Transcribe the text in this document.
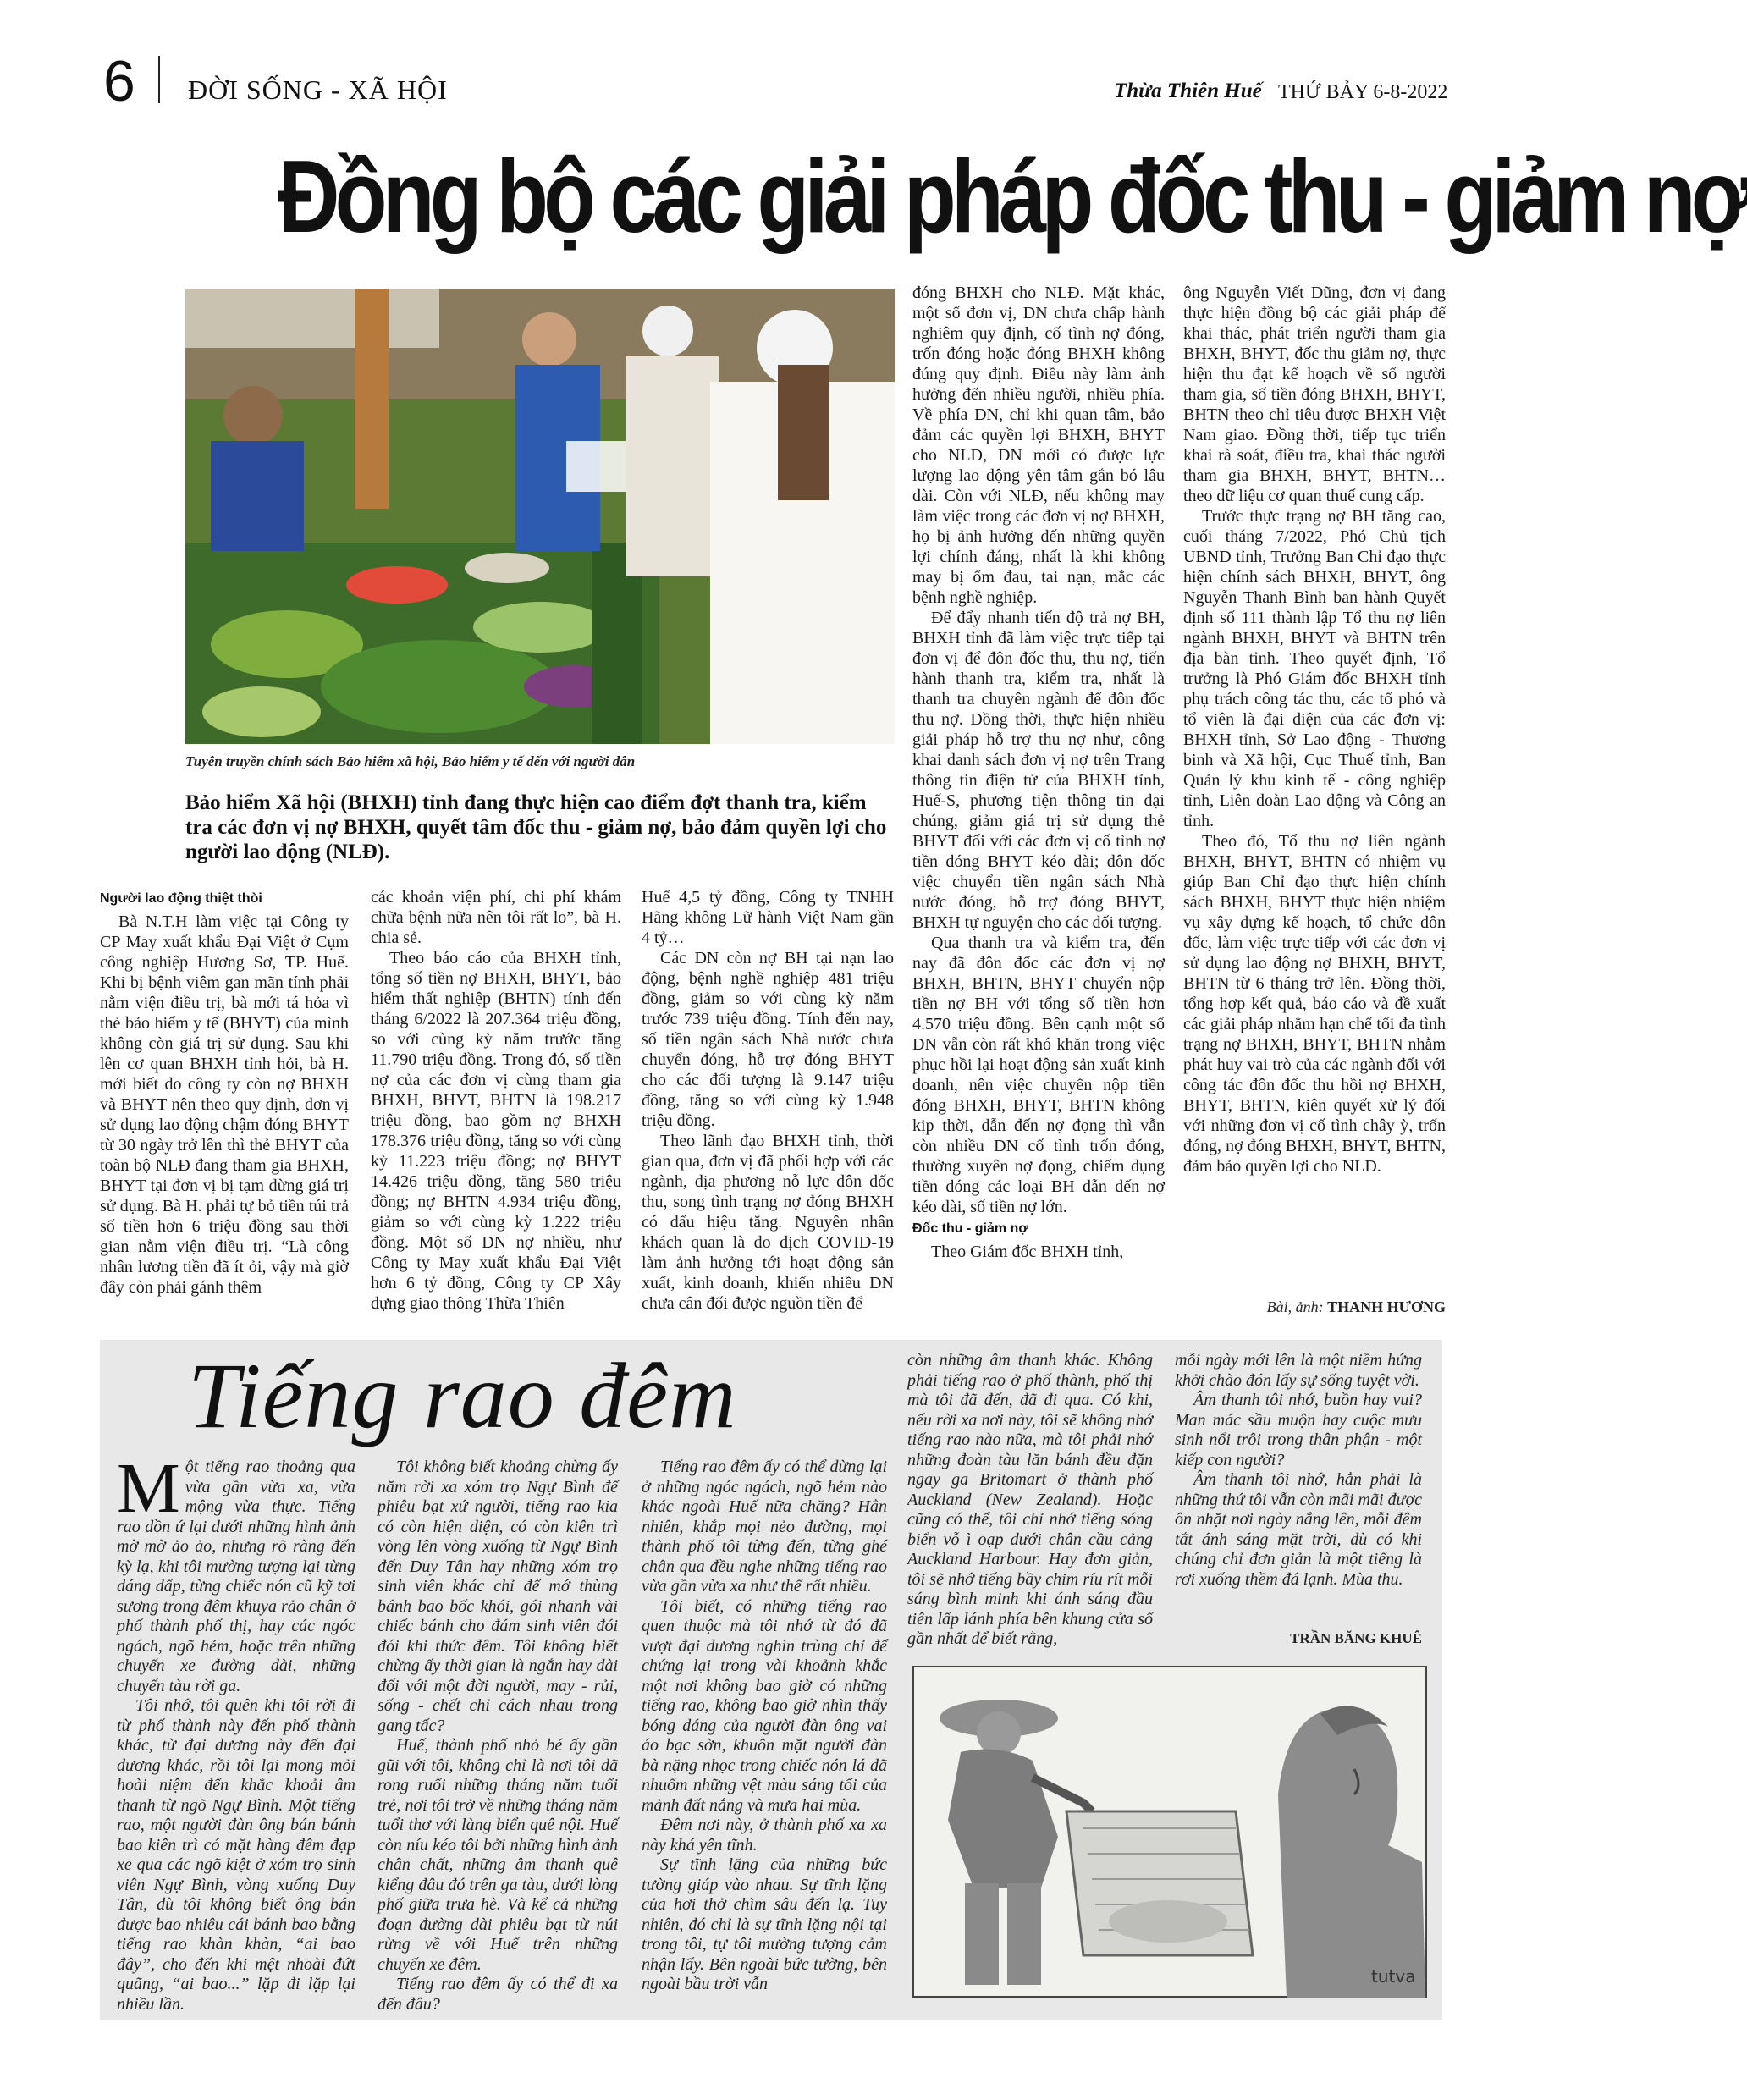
6 ĐỜI SỐNG - XÃ HỘI	Thừa Thiên Huế THỨ BẢY 6-8-2022
Đồng bộ các giải pháp đốc thu - giảm nợ
Tuyên truyền chính sách Bảo hiểm xã hội, Bảo hiểm y tế đến với người dân
Bảo hiểm Xã hội (BHXH) tỉnh đang thực hiện cao điểm đợt thanh tra, kiểm tra các đơn vị nợ BHXH, quyết tâm đốc thu - giảm nợ, bảo đảm quyền lợi cho người lao động (NLĐ).
Người lao động thiệt thòi

Bà N.T.H làm việc tại Công ty CP May xuất khẩu Đại Việt ở Cụm công nghiệp Hương Sơ, TP. Huế. Khi bị bệnh viêm gan mãn tính phải nằm viện điều trị, bà mới tá hỏa vì thẻ bảo hiểm y tế (BHYT) của mình không còn giá trị sử dụng. Sau khi lên cơ quan BHXH tỉnh hỏi, bà H. mới biết do công ty còn nợ BHXH và BHYT nên theo quy định, đơn vị sử dụng lao động chậm đóng BHYT từ 30 ngày trở lên thì thẻ BHYT của toàn bộ NLĐ đang tham gia BHXH, BHYT tại đơn vị bị tạm dừng giá trị sử dụng. Bà H. phải tự bỏ tiền túi trả số tiền hơn 6 triệu đồng sau thời gian nằm viện điều trị. “Là công nhân lương tiền đã ít ỏi, vậy mà giờ đây còn phải gánh thêm

các khoản viện phí, chi phí khám chữa bệnh nữa nên tôi rất lo”, bà H. chia sẻ.

Theo báo cáo của BHXH tỉnh, tổng số tiền nợ BHXH, BHYT, bảo hiểm thất nghiệp (BHTN) tính đến tháng 6/2022 là 207.364 triệu đồng, so với cùng kỳ năm trước tăng 11.790 triệu đồng. Trong đó, số tiền nợ của các đơn vị cùng tham gia BHXH, BHYT, BHTN là 198.217 triệu đồng, bao gồm nợ BHXH 178.376 triệu đồng, tăng so với cùng kỳ 11.223 triệu đồng; nợ BHYT 14.426 triệu đồng, tăng 580 triệu đồng; nợ BHTN 4.934 triệu đồng, giảm so với cùng kỳ 1.222 triệu đồng. Một số DN nợ nhiều, như Công ty May xuất khẩu Đại Việt hơn 6 tỷ đồng, Công ty CP Xây dựng giao thông Thừa Thiên

Huế 4,5 tỷ đồng, Công ty TNHH Hãng không Lữ hành Việt Nam gần 4 tỷ…

Các DN còn nợ BH tại nạn lao động, bệnh nghề nghiệp 481 triệu đồng, giảm so với cùng kỳ năm trước 739 triệu đồng. Tính đến nay, số tiền ngân sách Nhà nước chưa chuyển đóng, hỗ trợ đóng BHYT cho các đối tượng là 9.147 triệu đồng, tăng so với cùng kỳ 1.948 triệu đồng.

Theo lãnh đạo BHXH tỉnh, thời gian qua, đơn vị đã phối hợp với các ngành, địa phương nỗ lực đôn đốc thu, song tình trạng nợ đóng BHXH có dấu hiệu tăng. Nguyên nhân khách quan là do dịch COVID-19 làm ảnh hưởng tới hoạt động sản xuất, kinh doanh, khiến nhiều DN chưa cân đối được nguồn tiền để

đóng BHXH cho NLĐ. Mặt khác, một số đơn vị, DN chưa chấp hành nghiêm quy định, cố tình nợ đóng, trốn đóng hoặc đóng BHXH không đúng quy định. Điều này làm ảnh hưởng đến nhiều người, nhiều phía. Về phía DN, chỉ khi quan tâm, bảo đảm các quyền lợi BHXH, BHYT cho NLĐ, DN mới có được lực lượng lao động yên tâm gắn bó lâu dài. Còn với NLĐ, nếu không may làm việc trong các đơn vị nợ BHXH, họ bị ảnh hưởng đến những quyền lợi chính đáng, nhất là khi không may bị ốm đau, tai nạn, mắc các bệnh nghề nghiệp.

Để đẩy nhanh tiến độ trả nợ BH, BHXH tỉnh đã làm việc trực tiếp tại đơn vị để đôn đốc thu, thu nợ, tiến hành thanh tra, kiểm tra, nhất là thanh tra chuyên ngành để đôn đốc thu nợ. Đồng thời, thực hiện nhiều giải pháp hỗ trợ thu nợ như, công khai danh sách đơn vị nợ trên Trang thông tin điện tử của BHXH tỉnh, Huế-S, phương tiện thông tin đại chúng, giảm giá trị sử dụng thẻ BHYT đối với các đơn vị cố tình nợ tiền đóng BHYT kéo dài; đôn đốc việc chuyển tiền ngân sách Nhà nước đóng, hỗ trợ đóng BHYT, BHXH tự nguyện cho các đối tượng.

Qua thanh tra và kiểm tra, đến nay đã đôn đốc các đơn vị nợ BHXH, BHTN, BHYT chuyển nộp tiền nợ BH với tổng số tiền hơn 4.570 triệu đồng. Bên cạnh một số DN vẫn còn rất khó khăn trong việc phục hồi lại hoạt động sản xuất kinh doanh, nên việc chuyển nộp tiền đóng BHXH, BHYT, BHTN không kịp thời, dẫn đến nợ đọng thì vẫn còn nhiều DN cố tình trốn đóng, thường xuyên nợ đọng, chiếm dụng tiền đóng các loại BH dẫn đến nợ kéo dài, số tiền nợ lớn.

Đốc thu - giảm nợ

Theo Giám đốc BHXH tỉnh,

ông Nguyễn Viết Dũng, đơn vị đang thực hiện đồng bộ các giải pháp để khai thác, phát triển người tham gia BHXH, BHYT, đốc thu giảm nợ, thực hiện thu đạt kế hoạch về số người tham gia, số tiền đóng BHXH, BHYT, BHTN theo chỉ tiêu được BHXH Việt Nam giao. Đồng thời, tiếp tục triển khai rà soát, điều tra, khai thác người tham gia BHXH, BHYT, BHTN… theo dữ liệu cơ quan thuế cung cấp.

Trước thực trạng nợ BH tăng cao, cuối tháng 7/2022, Phó Chủ tịch UBND tỉnh, Trưởng Ban Chỉ đạo thực hiện chính sách BHXH, BHYT, ông Nguyễn Thanh Bình ban hành Quyết định số 111 thành lập Tổ thu nợ liên ngành BHXH, BHYT và BHTN trên địa bàn tỉnh. Theo quyết định, Tổ trưởng là Phó Giám đốc BHXH tỉnh phụ trách công tác thu, các tổ phó và tổ viên là đại diện của các đơn vị: BHXH tỉnh, Sở Lao động - Thương binh và Xã hội, Cục Thuế tỉnh, Ban Quản lý khu kinh tế - công nghiệp tỉnh, Liên đoàn Lao động và Công an tỉnh.

Theo đó, Tổ thu nợ liên ngành BHXH, BHYT, BHTN có nhiệm vụ giúp Ban Chỉ đạo thực hiện chính sách BHXH, BHYT thực hiện nhiệm vụ xây dựng kế hoạch, tổ chức đôn đốc, làm việc trực tiếp với các đơn vị sử dụng lao động nợ BHXH, BHYT, BHTN từ 6 tháng trở lên. Đồng thời, tổng hợp kết quả, báo cáo và đề xuất các giải pháp nhằm hạn chế tối đa tình trạng nợ BHXH, BHYT, BHTN nhằm phát huy vai trò của các ngành đối với công tác đôn đốc thu hồi nợ BHXH, BHYT, BHTN, kiên quyết xử lý đối với những đơn vị cố tình chây ỳ, trốn đóng, nợ đóng BHXH, BHYT, BHTN, đảm bảo quyền lợi cho NLĐ.

Bài, ảnh: THANH HƯƠNG
Tiếng rao đêm
M ột tiếng rao thoảng qua vừa gần vừa xa, vừa mộng vừa thực. Tiếng rao dồn ứ lại dưới những hình ảnh mờ mờ ảo ảo, nhưng rõ ràng đến kỳ lạ, khi tôi mường tượng lại từng dáng dấp, từng chiếc nón cũ kỹ tơi sương trong đêm khuya rảo chân ở phố thành phố thị, hay các ngóc ngách, ngõ hẻm, hoặc trên những chuyến xe đường dài, những chuyến tàu rời ga.

Tôi nhớ, tôi quên khi tôi rời đi từ phố thành này đến phố thành khác, từ đại dương này đến đại dương khác, rồi tôi lại mong mỏi hoài niệm đến khắc khoải âm thanh từ ngõ Ngự Bình. Một tiếng rao, một người đàn ông bán bánh bao kiên trì có mặt hàng đêm đạp xe qua các ngõ kiệt ở xóm trọ sinh viên Ngự Bình, vòng xuống Duy Tân, dù tôi không biết ông bán được bao nhiêu cái bánh bao bằng tiếng rao khàn khàn, “ai bao đây”, cho đến khi mệt nhoài đứt quãng, “ai bao...” lặp đi lặp lại nhiều lần.

Tôi không biết khoảng chừng ấy năm rời xa xóm trọ Ngự Bình để phiêu bạt xứ người, tiếng rao kia có còn hiện diện, có còn kiên trì vòng lên vòng xuống từ Ngự Bình đến Duy Tân hay những xóm trọ sinh viên khác chỉ để mớ thùng bánh bao bốc khói, gói nhanh vài chiếc bánh cho đám sinh viên đói đói khi thức đêm. Tôi không biết chừng ấy thời gian là ngắn hay dài đối với một đời người, may - rủi, sống - chết chỉ cách nhau trong gang tấc?

Huế, thành phố nhỏ bé ấy gần gũi với tôi, không chỉ là nơi tôi đã rong ruổi những tháng năm tuổi trẻ, nơi tôi trở về những tháng năm tuổi thơ với làng biển quê nội. Huế còn níu kéo tôi bởi những hình ảnh chân chất, những âm thanh quê kiểng đâu đó trên ga tàu, dưới lòng phố giữa trưa hè. Và kể cả những đoạn đường dài phiêu bạt từ núi rừng về với Huế trên những chuyến xe đêm.

Tiếng rao đêm ấy có thể đi xa đến đâu?

Tiếng rao đêm ấy có thể dừng lại ở những ngóc ngách, ngõ hẻm nào khác ngoài Huế nữa chăng? Hẳn nhiên, khắp mọi nẻo đường, mọi thành phố tôi từng đến, từng ghé chân qua đều nghe những tiếng rao vừa gần vừa xa như thể rất nhiều.

Tôi biết, có những tiếng rao quen thuộc mà tôi nhớ từ đó đã vượt đại dương nghìn trùng chỉ để chứng lại trong vài khoảnh khắc một nơi không bao giờ có những tiếng rao, không bao giờ nhìn thấy bóng dáng của người đàn ông vai áo bạc sờn, khuôn mặt người đàn bà nặng nhọc trong chiếc nón lá đã nhuốm những vệt màu sáng tối của mảnh đất nắng và mưa hai mùa.

Đêm nơi này, ở thành phố xa xa này khá yên tĩnh.

Sự tĩnh lặng của những bức tường giáp vào nhau. Sự tĩnh lặng của hơi thở chìm sâu đến lạ. Tuy nhiên, đó chỉ là sự tĩnh lặng nội tại trong tôi, tự tôi mường tượng cảm nhận lấy. Bên ngoài bức tường, bên ngoài bầu trời vẫn

còn những âm thanh khác. Không phải tiếng rao ở phố thành, phố thị mà tôi đã đến, đã đi qua. Có khi, nếu rời xa nơi này, tôi sẽ không nhớ tiếng rao nào nữa, mà tôi phải nhớ những đoàn tàu lăn bánh đều đặn ngay ga Britomart ở thành phố Auckland (New Zealand). Hoặc cũng có thể, tôi chỉ nhớ tiếng sóng biển vỗ ì oạp dưới chân cầu cảng Auckland Harbour. Hay đơn giản, tôi sẽ nhớ tiếng bầy chim ríu rít mỗi sáng bình minh khi ánh sáng đầu tiên lấp lánh phía bên khung cửa sổ gần nhất để biết rằng,

mỗi ngày mới lên là một niềm hứng khởi chào đón lấy sự sống tuyệt vời.

Âm thanh tôi nhớ, buồn hay vui? Man mác sầu muộn hay cuộc mưu sinh nổi trôi trong thân phận - một kiếp con người?

Âm thanh tôi nhớ, hẳn phải là những thứ tôi vẫn còn mãi mãi được ôn nhặt nơi ngày nắng lên, mỗi đêm tắt ánh sáng mặt trời, dù có khi chúng chỉ đơn giản là một tiếng là rơi xuống thềm đá lạnh. Mùa thu.

TRẦN BĂNG KHUÊ
tutva
